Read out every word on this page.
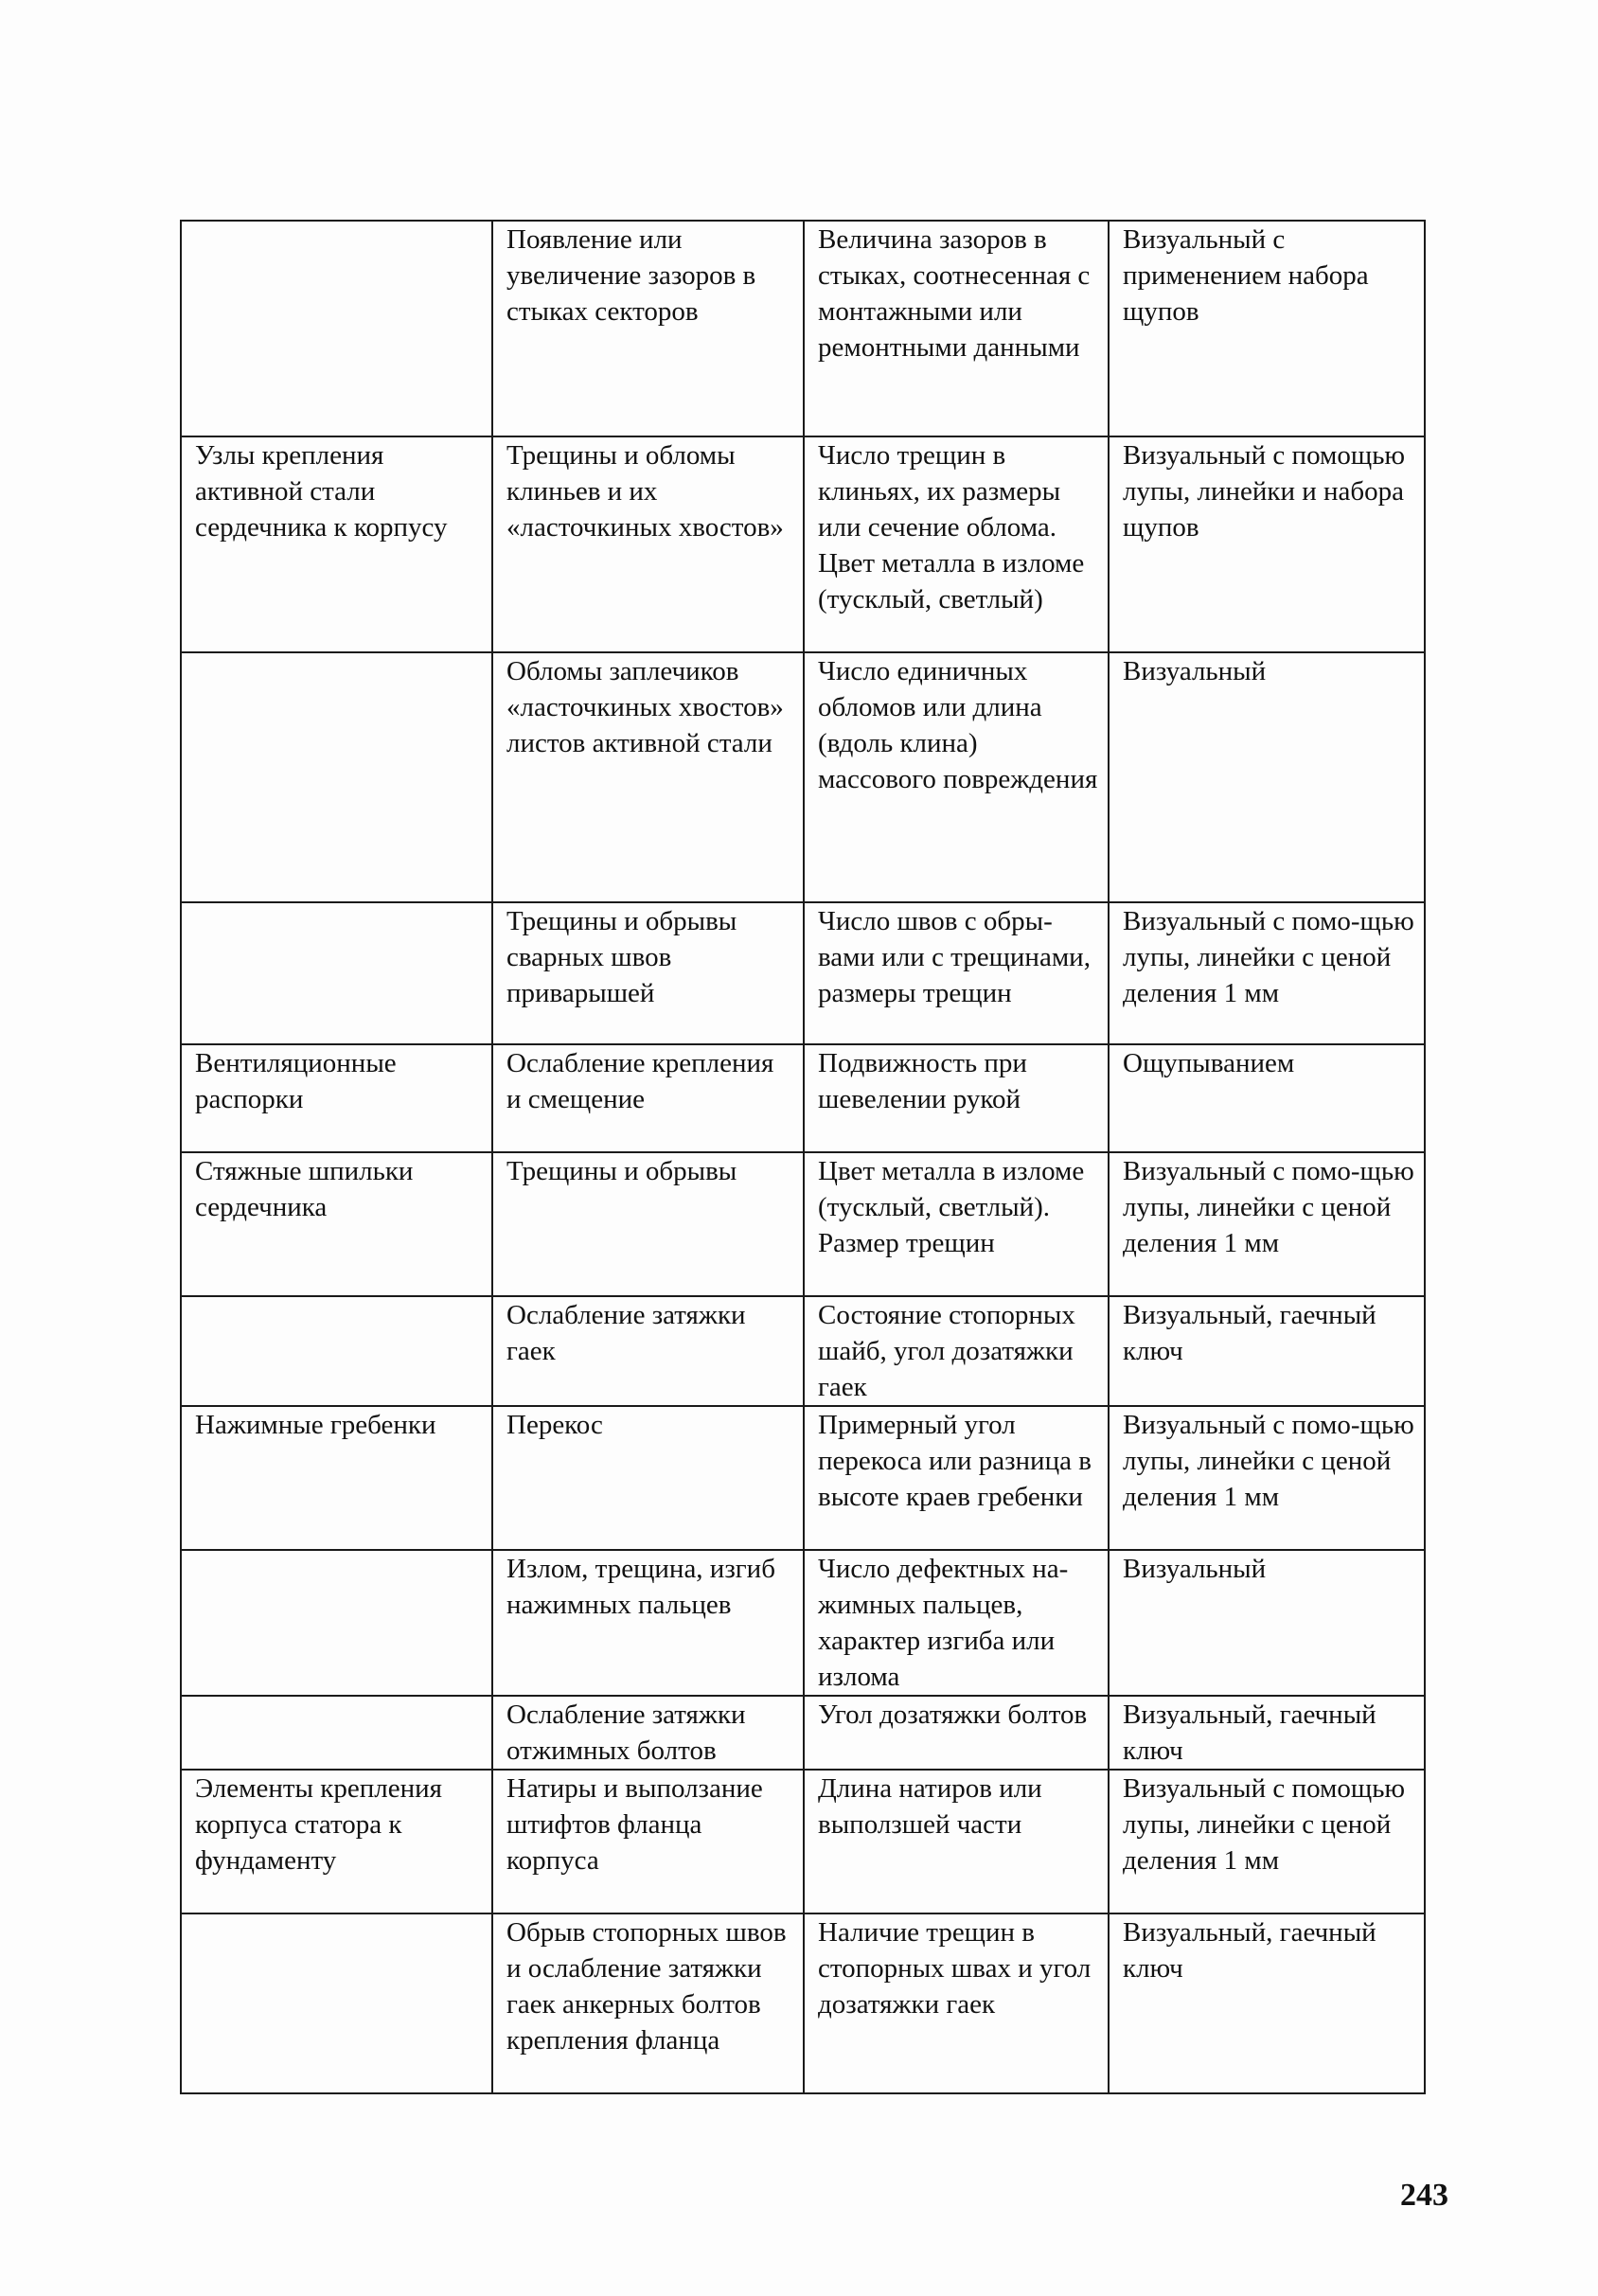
	Появление или увеличение зазоров в стыках секторов	Величина зазоров в стыках, соотнесенная с монтажными или ремонтными данными	Визуальный с применением набора щупов
Узлы крепления активной стали сердечника к корпусу	Трещины и обломы клиньев и их «ласточкиных хвостов»	Число трещин в клиньях, их размеры или сечение облома. Цвет металла в изломе (тусклый, светлый)	Визуальный с помощью лупы, линейки и набора щупов
	Обломы заплечиков «ласточкиных хвостов» листов активной стали	Число единичных обломов или длина (вдоль клина) массового повреждения	Визуальный
	Трещины и обрывы сварных швов приварышей	Число швов с обры-вами или с трещинами, размеры трещин	Визуальный с помо-щью лупы, линейки с ценой деления 1 мм
Вентиляционные распорки	Ослабление крепления и смещение	Подвижность при шевелении рукой	Ощупыванием
Стяжные шпильки сердечника	Трещины и обрывы	Цвет металла в изломе (тусклый, светлый). Размер трещин	Визуальный с помо-щью лупы, линейки с ценой деления 1 мм
	Ослабление затяжки гаек	Состояние стопорных шайб, угол дозатяжки гаек	Визуальный, гаечный ключ
Нажимные гребенки	Перекос	Примерный угол перекоса или разница в высоте краев гребенки	Визуальный с помо-щью лупы, линейки с ценой деления 1 мм
	Излом, трещина, изгиб нажимных пальцев	Число дефектных на-жимных пальцев, характер изгиба или излома	Визуальный
	Ослабление затяжки отжимных болтов	Угол дозатяжки болтов	Визуальный, гаечный ключ
Элементы крепления корпуса статора к фундаменту	Натиры и выползание штифтов фланца корпуса	Длина натиров или выползшей части	Визуальный с помощью лупы, линейки с ценой деления 1 мм
	Обрыв стопорных швов и ослабление затяжки гаек анкерных болтов крепления фланца	Наличие трещин в стопорных швах и угол дозатяжки гаек	Визуальный, гаечный ключ
243
